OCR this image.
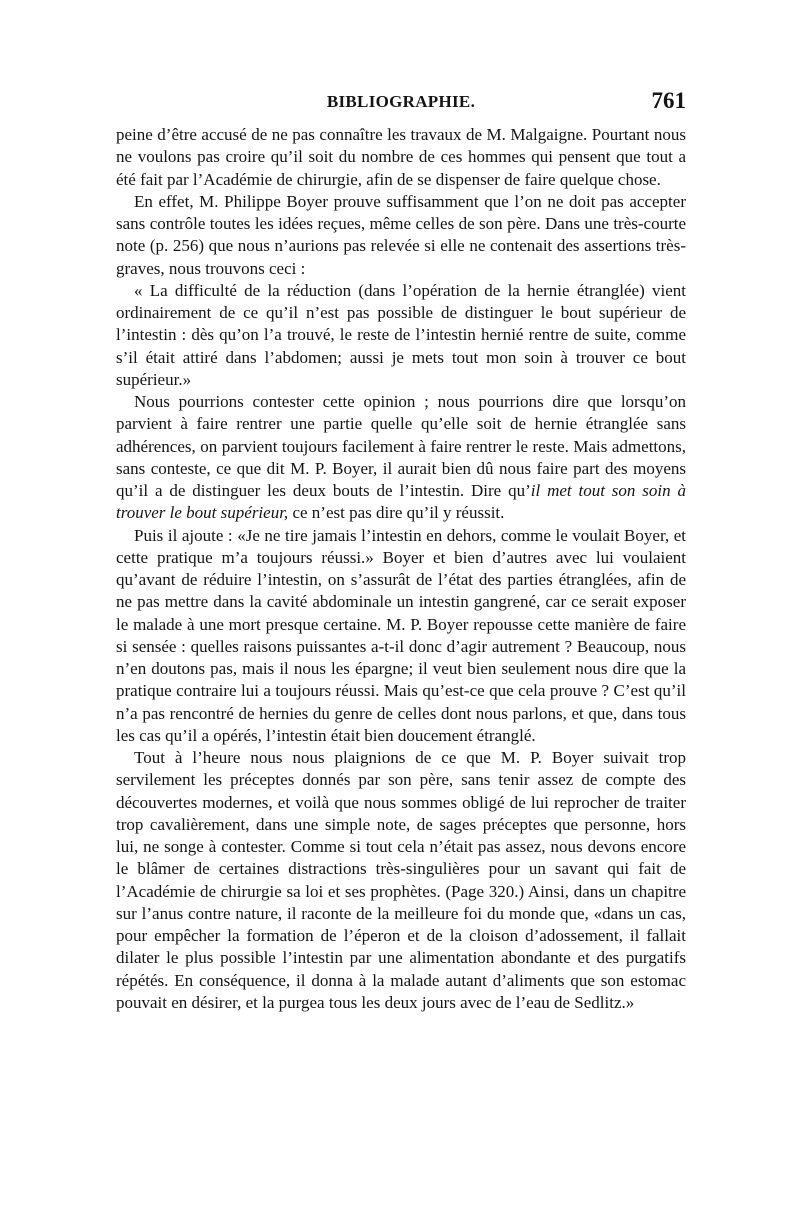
BIBLIOGRAPHIE.	761

peine d’être accusé de ne pas connaître les travaux de M. Malgaigne. Pourtant nous ne voulons pas croire qu’il soit du nombre de ces hommes qui pensent que tout a été fait par l’Académie de chirurgie, afin de se dispenser de faire quelque chose.

En effet, M. Philippe Boyer prouve suffisamment que l’on ne doit pas accepter sans contrôle toutes les idées reçues, même celles de son père. Dans une très-courte note (p. 256) que nous n’aurions pas relevée si elle ne contenait des assertions très-graves, nous trouvons ceci :

« La difficulté de la réduction (dans l’opération de la hernie étranglée) vient ordinairement de ce qu’il n’est pas possible de distinguer le bout supérieur de l’intestin : dès qu’on l’a trouvé, le reste de l’intestin hernié rentre de suite, comme s’il était attiré dans l’abdomen; aussi je mets tout mon soin à trouver ce bout supérieur.»

Nous pourrions contester cette opinion ; nous pourrions dire que lorsqu’on parvient à faire rentrer une partie quelle qu’elle soit de hernie étranglée sans adhérences, on parvient toujours facilement à faire rentrer le reste. Mais admettons, sans conteste, ce que dit M. P. Boyer, il aurait bien dû nous faire part des moyens qu’il a de distinguer les deux bouts de l’intestin. Dire qu’il met tout son soin à trouver le bout supérieur, ce n’est pas dire qu’il y réussit.

Puis il ajoute : «Je ne tire jamais l’intestin en dehors, comme le voulait Boyer, et cette pratique m’a toujours réussi.» Boyer et bien d’autres avec lui voulaient qu’avant de réduire l’intestin, on s’assurât de l’état des parties étranglées, afin de ne pas mettre dans la cavité abdominale un intestin gangrené, car ce serait exposer le malade à une mort presque certaine. M. P. Boyer repousse cette manière de faire si sensée : quelles raisons puissantes a-t-il donc d’agir autrement ? Beaucoup, nous n’en doutons pas, mais il nous les épargne; il veut bien seulement nous dire que la pratique contraire lui a toujours réussi. Mais qu’est-ce que cela prouve ? C’est qu’il n’a pas rencontré de hernies du genre de celles dont nous parlons, et que, dans tous les cas qu’il a opérés, l’intestin était bien doucement étranglé.

Tout à l’heure nous nous plaignions de ce que M. P. Boyer suivait trop servilement les préceptes donnés par son père, sans tenir assez de compte des découvertes modernes, et voilà que nous sommes obligé de lui reprocher de traiter trop cavalièrement, dans une simple note, de sages préceptes que personne, hors lui, ne songe à contester. Comme si tout cela n’était pas assez, nous devons encore le blâmer de certaines distractions très-singulières pour un savant qui fait de l’Académie de chirurgie sa loi et ses prophètes. (Page 320.) Ainsi, dans un chapitre sur l’anus contre nature, il raconte de la meilleure foi du monde que, «dans un cas, pour empêcher la formation de l’éperon et de la cloison d’adossement, il fallait dilater le plus possible l’intestin par une alimentation abondante et des purgatifs répétés. En conséquence, il donna à la malade autant d’aliments que son estomac pouvait en désirer, et la purgea tous les deux jours avec de l’eau de Sedlitz.»
